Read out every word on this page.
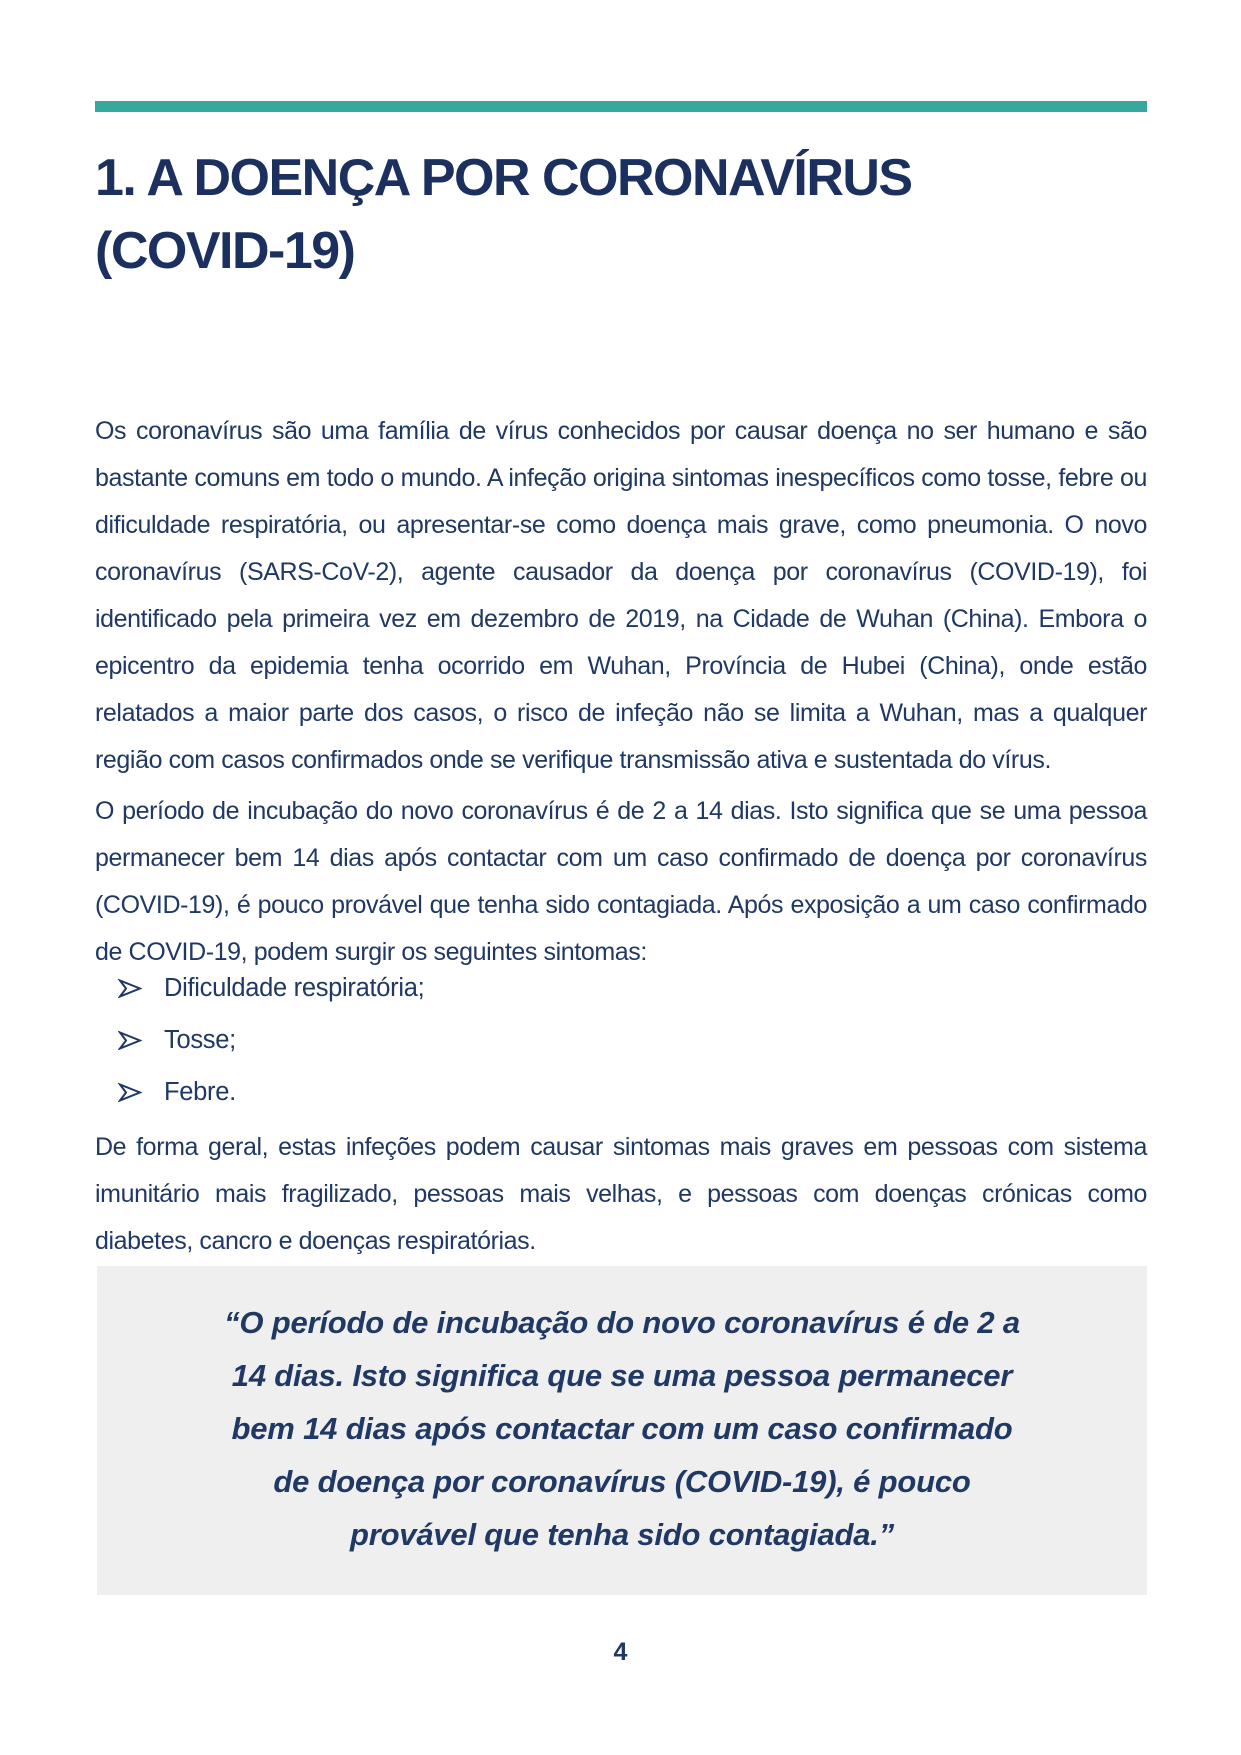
1. A DOENÇA POR CORONAVÍRUS
(COVID-19)

Os coronavírus são uma família de vírus conhecidos por causar doença no ser humano e são bastante comuns em todo o mundo. A infeção origina sintomas inespecíficos como tosse, febre ou dificuldade respiratória, ou apresentar-se como doença mais grave, como pneumonia. O novo coronavírus (SARS-CoV-2), agente causador da doença por coronavírus (COVID-19), foi identificado pela primeira vez em dezembro de 2019, na Cidade de Wuhan (China). Embora o epicentro da epidemia tenha ocorrido em Wuhan, Província de Hubei (China), onde estão relatados a maior parte dos casos, o risco de infeção não se limita a Wuhan, mas a qualquer região com casos confirmados onde se verifique transmissão ativa e sustentada do vírus.

O período de incubação do novo coronavírus é de 2 a 14 dias. Isto significa que se uma pessoa permanecer bem 14 dias após contactar com um caso confirmado de doença por coronavírus (COVID-19), é pouco provável que tenha sido contagiada. Após exposição a um caso confirmado de COVID-19, podem surgir os seguintes sintomas:

Dificuldade respiratória;
Tosse;
Febre.

De forma geral, estas infeções podem causar sintomas mais graves em pessoas com sistema imunitário mais fragilizado, pessoas mais velhas, e pessoas com doenças crónicas como diabetes, cancro e doenças respiratórias.

“O período de incubação do novo coronavírus é de 2 a
14 dias. Isto significa que se uma pessoa permanecer
bem 14 dias após contactar com um caso confirmado
de doença por coronavírus (COVID-19), é pouco
provável que tenha sido contagiada.”
4
